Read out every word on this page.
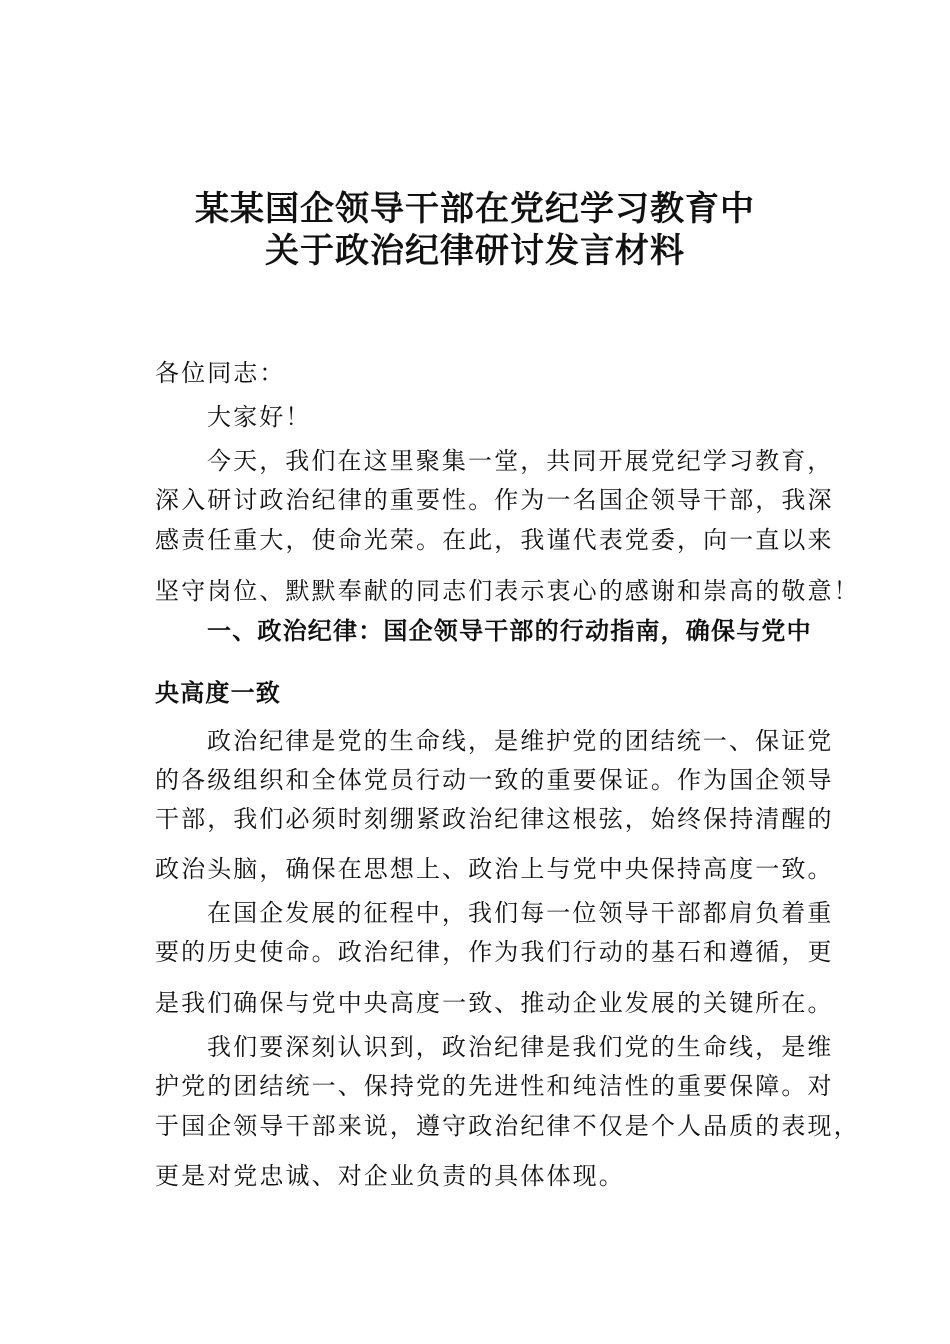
某某国企领导干部在党纪学习教育中
关于政治纪律研讨发言材料
各位同志：
大家好！
今天，我们在这里聚集一堂，共同开展党纪学习教育，
深入研讨政治纪律的重要性。作为一名国企领导干部，我深
感责任重大，使命光荣。在此，我谨代表党委，向一直以来
坚守岗位、默默奉献的同志们表示衷心的感谢和崇高的敬意！
一、政治纪律：国企领导干部的行动指南，确保与党中
央高度一致
政治纪律是党的生命线，是维护党的团结统一、保证党
的各级组织和全体党员行动一致的重要保证。作为国企领导
干部，我们必须时刻绷紧政治纪律这根弦，始终保持清醒的
政治头脑，确保在思想上、政治上与党中央保持高度一致。
在国企发展的征程中，我们每一位领导干部都肩负着重
要的历史使命。政治纪律，作为我们行动的基石和遵循，更
是我们确保与党中央高度一致、推动企业发展的关键所在。
我们要深刻认识到，政治纪律是我们党的生命线，是维
护党的团结统一、保持党的先进性和纯洁性的重要保障。对
于国企领导干部来说，遵守政治纪律不仅是个人品质的表现，
更是对党忠诚、对企业负责的具体体现。
